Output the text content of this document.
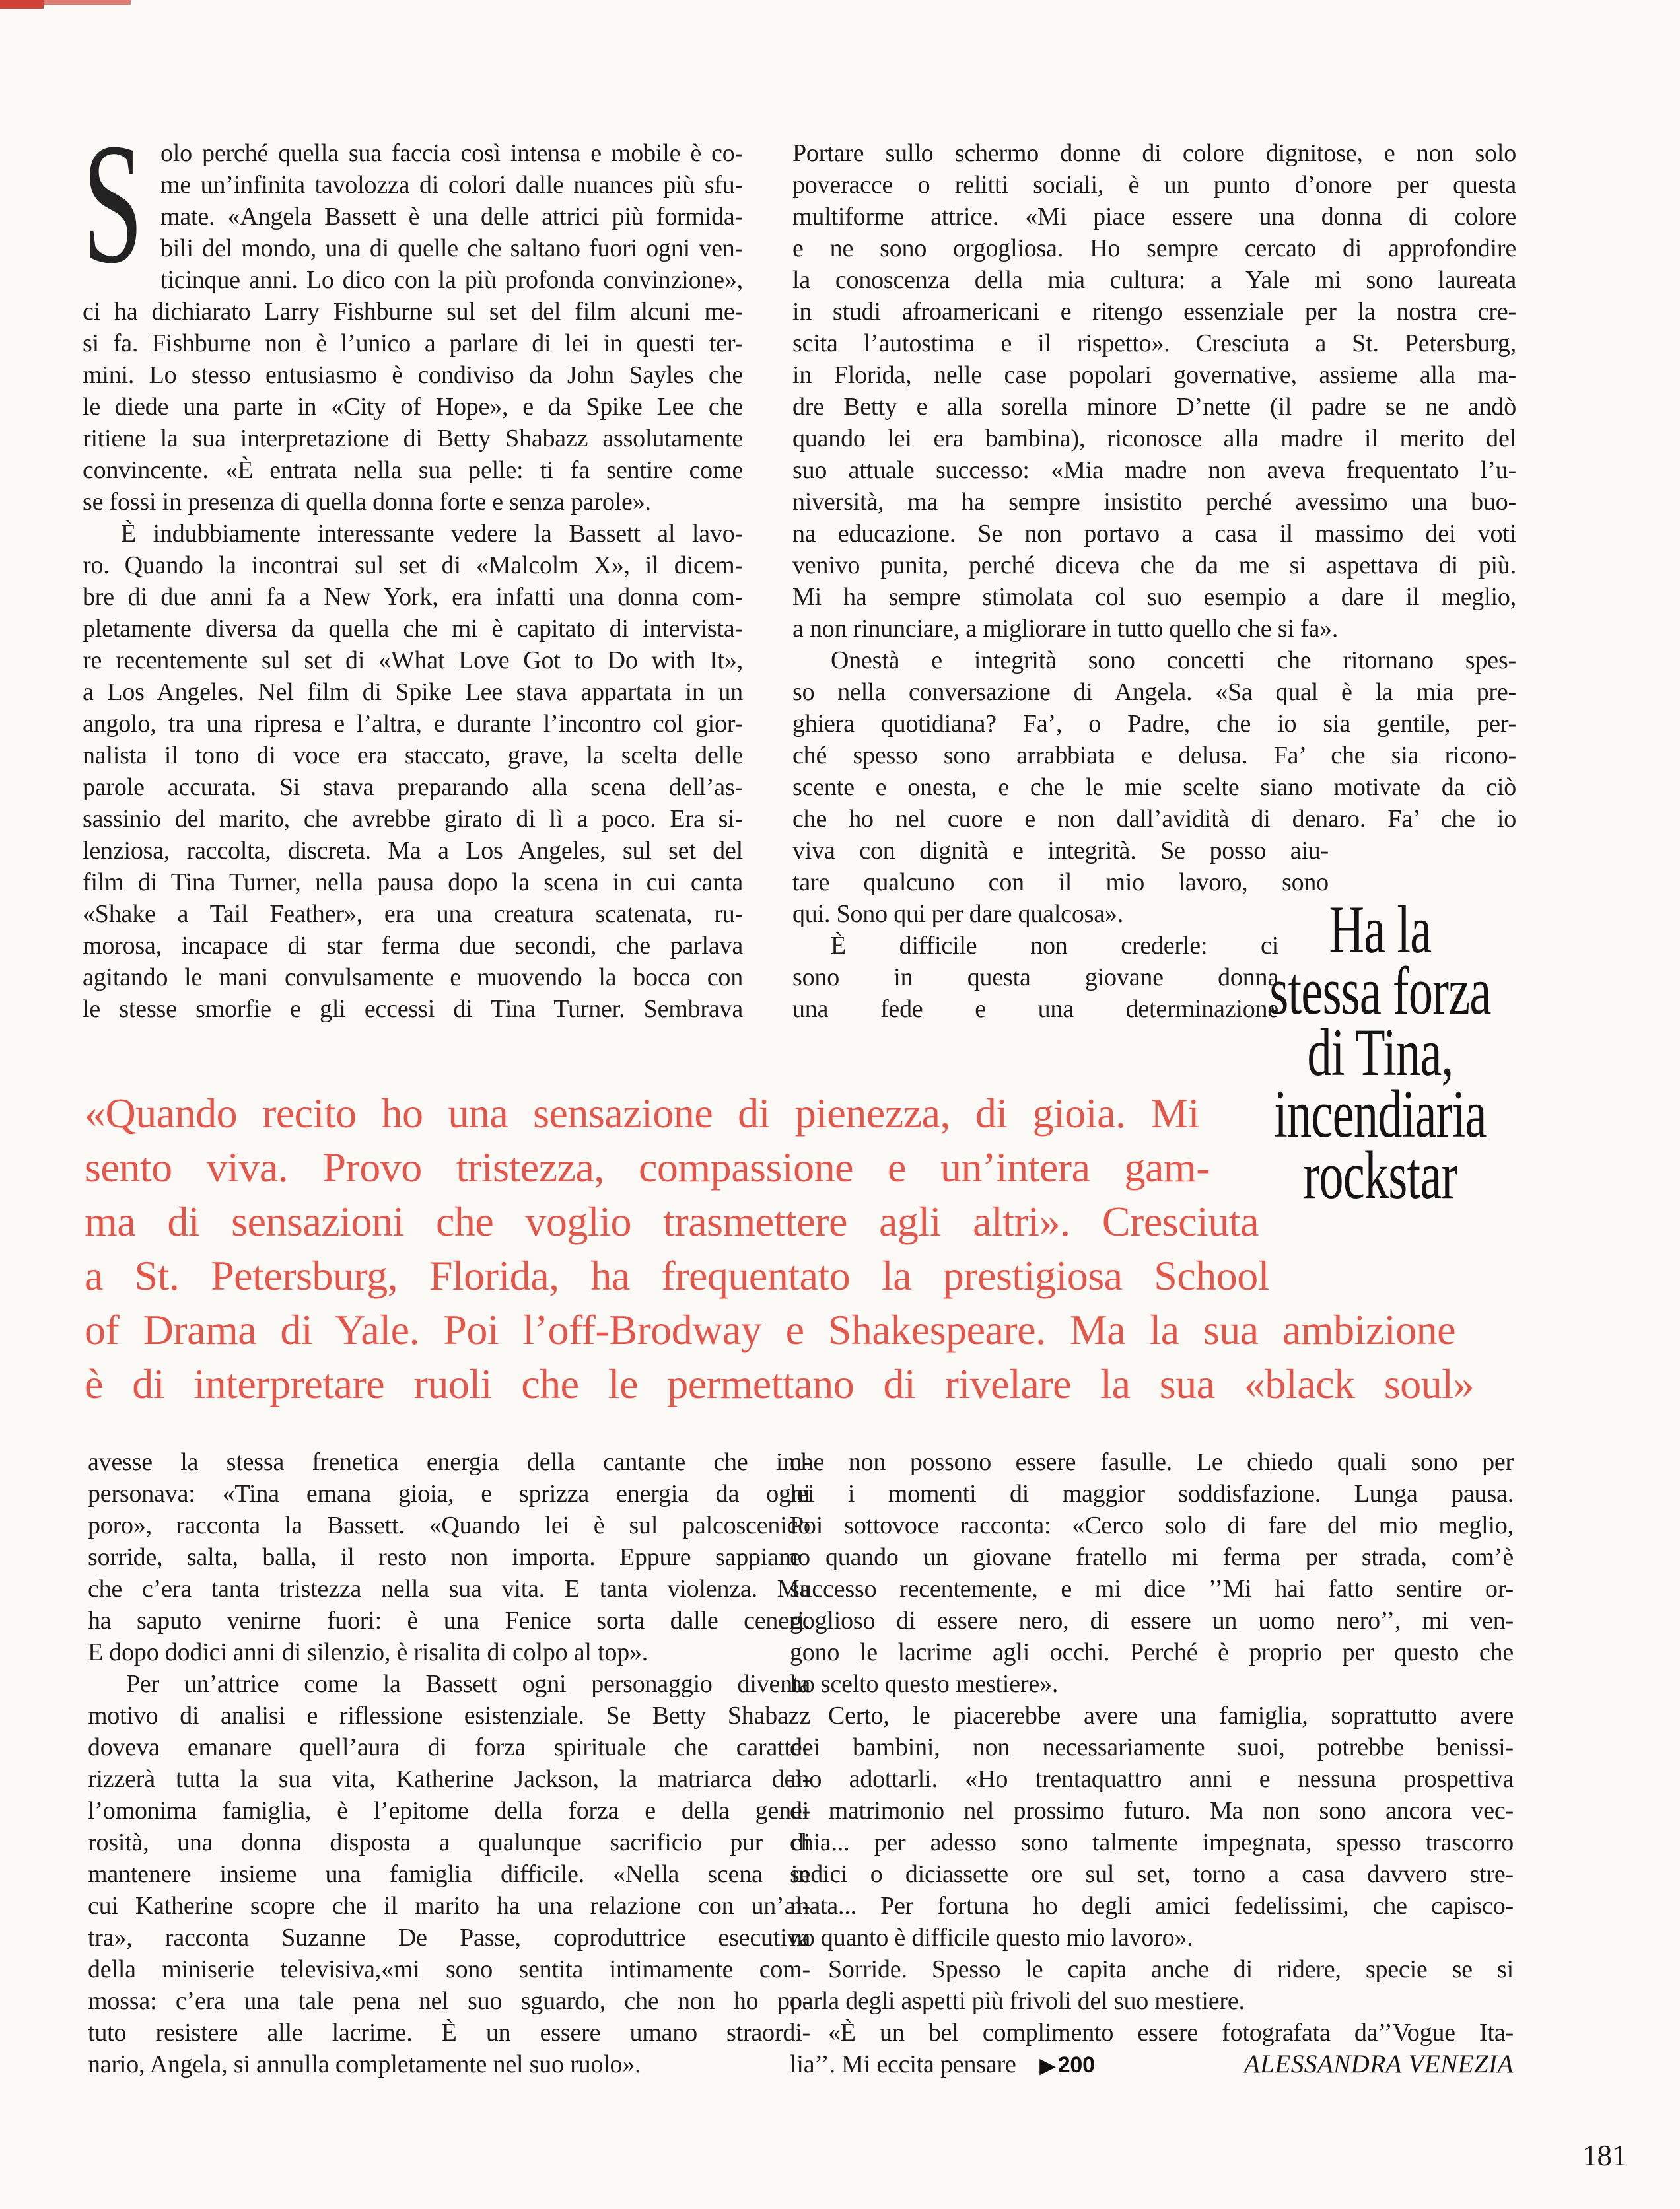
S olo perché quella sua faccia così intensa e mobile è co-
me un’infinita tavolozza di colori dalle nuances più sfu-
mate. «Angela Bassett è una delle attrici più formida-
bili del mondo, una di quelle che saltano fuori ogni ven-
ticinque anni. Lo dico con la più profonda convinzione»,
ci ha dichiarato Larry Fishburne sul set del film alcuni me-
si fa. Fishburne non è l’unico a parlare di lei in questi ter-
mini. Lo stesso entusiasmo è condiviso da John Sayles che
le diede una parte in «City of Hope», e da Spike Lee che
ritiene la sua interpretazione di Betty Shabazz assolutamente
convincente. «È entrata nella sua pelle: ti fa sentire come
se fossi in presenza di quella donna forte e senza parole».
È indubbiamente interessante vedere la Bassett al lavo-
ro. Quando la incontrai sul set di «Malcolm X», il dicem-
bre di due anni fa a New York, era infatti una donna com-
pletamente diversa da quella che mi è capitato di intervista-
re recentemente sul set di «What Love Got to Do with It»,
a Los Angeles. Nel film di Spike Lee stava appartata in un
angolo, tra una ripresa e l’altra, e durante l’incontro col gior-
nalista il tono di voce era staccato, grave, la scelta delle
parole accurata. Si stava preparando alla scena dell’as-
sassinio del marito, che avrebbe girato di lì a poco. Era si-
lenziosa, raccolta, discreta. Ma a Los Angeles, sul set del
film di Tina Turner, nella pausa dopo la scena in cui canta
«Shake a Tail Feather», era una creatura scatenata, ru-
morosa, incapace di star ferma due secondi, che parlava
agitando le mani convulsamente e muovendo la bocca con
le stesse smorfie e gli eccessi di Tina Turner. Sembrava
Portare sullo schermo donne di colore dignitose, e non solo
poveracce o relitti sociali, è un punto d’onore per questa
multiforme attrice. «Mi piace essere una donna di colore
e ne sono orgogliosa. Ho sempre cercato di approfondire
la conoscenza della mia cultura: a Yale mi sono laureata
in studi afroamericani e ritengo essenziale per la nostra cre-
scita l’autostima e il rispetto». Cresciuta a St. Petersburg,
in Florida, nelle case popolari governative, assieme alla ma-
dre Betty e alla sorella minore D’nette (il padre se ne andò
quando lei era bambina), riconosce alla madre il merito del
suo attuale successo: «Mia madre non aveva frequentato l’u-
niversità, ma ha sempre insistito perché avessimo una buo-
na educazione. Se non portavo a casa il massimo dei voti
venivo punita, perché diceva che da me si aspettava di più.
Mi ha sempre stimolata col suo esempio a dare il meglio,
a non rinunciare, a migliorare in tutto quello che si fa».
Onestà e integrità sono concetti che ritornano spes-
so nella conversazione di Angela. «Sa qual è la mia pre-
ghiera quotidiana? Fa’, o Padre, che io sia gentile, per-
ché spesso sono arrabbiata e delusa. Fa’ che sia ricono-
scente e onesta, e che le mie scelte siano motivate da ciò
che ho nel cuore e non dall’avidità di denaro. Fa’ che io
viva con dignità e integrità. Se posso aiu-
tare qualcuno con il mio lavoro, sono
qui. Sono qui per dare qualcosa».
È difficile non crederle: ci
sono in questa giovane donna
una fede e una determinazione
Ha la
stessa forza
di Tina,
incendiaria
rockstar
«Quando recito ho una sensazione di pienezza, di gioia. Mi
sento viva. Provo tristezza, compassione e un’intera gam-
ma di sensazioni che voglio trasmettere agli altri». Cresciuta
a St. Petersburg, Florida, ha frequentato la prestigiosa School
of Drama di Yale. Poi l’off-Brodway e Shakespeare. Ma la sua ambizione
è di interpretare ruoli che le permettano di rivelare la sua «black soul»
avesse la stessa frenetica energia della cantante che im-
personava: «Tina emana gioia, e sprizza energia da ogni
poro», racconta la Bassett. «Quando lei è sul palcoscenico
sorride, salta, balla, il resto non importa. Eppure sappiamo
che c’era tanta tristezza nella sua vita. E tanta violenza. Ma
ha saputo venirne fuori: è una Fenice sorta dalle ceneri.
E dopo dodici anni di silenzio, è risalita di colpo al top».
Per un’attrice come la Bassett ogni personaggio diventa
motivo di analisi e riflessione esistenziale. Se Betty Shabazz
doveva emanare quell’aura di forza spirituale che caratte-
rizzerà tutta la sua vita, Katherine Jackson, la matriarca del-
l’omonima famiglia, è l’epitome della forza e della gene-
rosità, una donna disposta a qualunque sacrificio pur di
mantenere insieme una famiglia difficile. «Nella scena in
cui Katherine scopre che il marito ha una relazione con un’al-
tra», racconta Suzanne De Passe, coproduttrice esecutiva
della miniserie televisiva,«mi sono sentita intimamente com-
mossa: c’era una tale pena nel suo sguardo, che non ho po-
tuto resistere alle lacrime. È un essere umano straordi-
nario, Angela, si annulla completamente nel suo ruolo».
che non possono essere fasulle. Le chiedo quali sono per
lei i momenti di maggior soddisfazione. Lunga pausa.
Poi sottovoce racconta: «Cerco solo di fare del mio meglio,
e quando un giovane fratello mi ferma per strada, com’è
successo recentemente, e mi dice ’’Mi hai fatto sentire or-
goglioso di essere nero, di essere un uomo nero’’, mi ven-
gono le lacrime agli occhi. Perché è proprio per questo che
ho scelto questo mestiere».
Certo, le piacerebbe avere una famiglia, soprattutto avere
dei bambini, non necessariamente suoi, potrebbe benissi-
mo adottarli. «Ho trentaquattro anni e nessuna prospettiva
di matrimonio nel prossimo futuro. Ma non sono ancora vec-
chia... per adesso sono talmente impegnata, spesso trascorro
sedici o diciassette ore sul set, torno a casa davvero stre-
mata... Per fortuna ho degli amici fedelissimi, che capisco-
no quanto è difficile questo mio lavoro».
Sorride. Spesso le capita anche di ridere, specie se si
parla degli aspetti più frivoli del suo mestiere.
«È un bel complimento essere fotografata da’’Vogue Ita-
lia’’. Mi eccita pensare ▶200	ALESSANDRA VENEZIA
181
